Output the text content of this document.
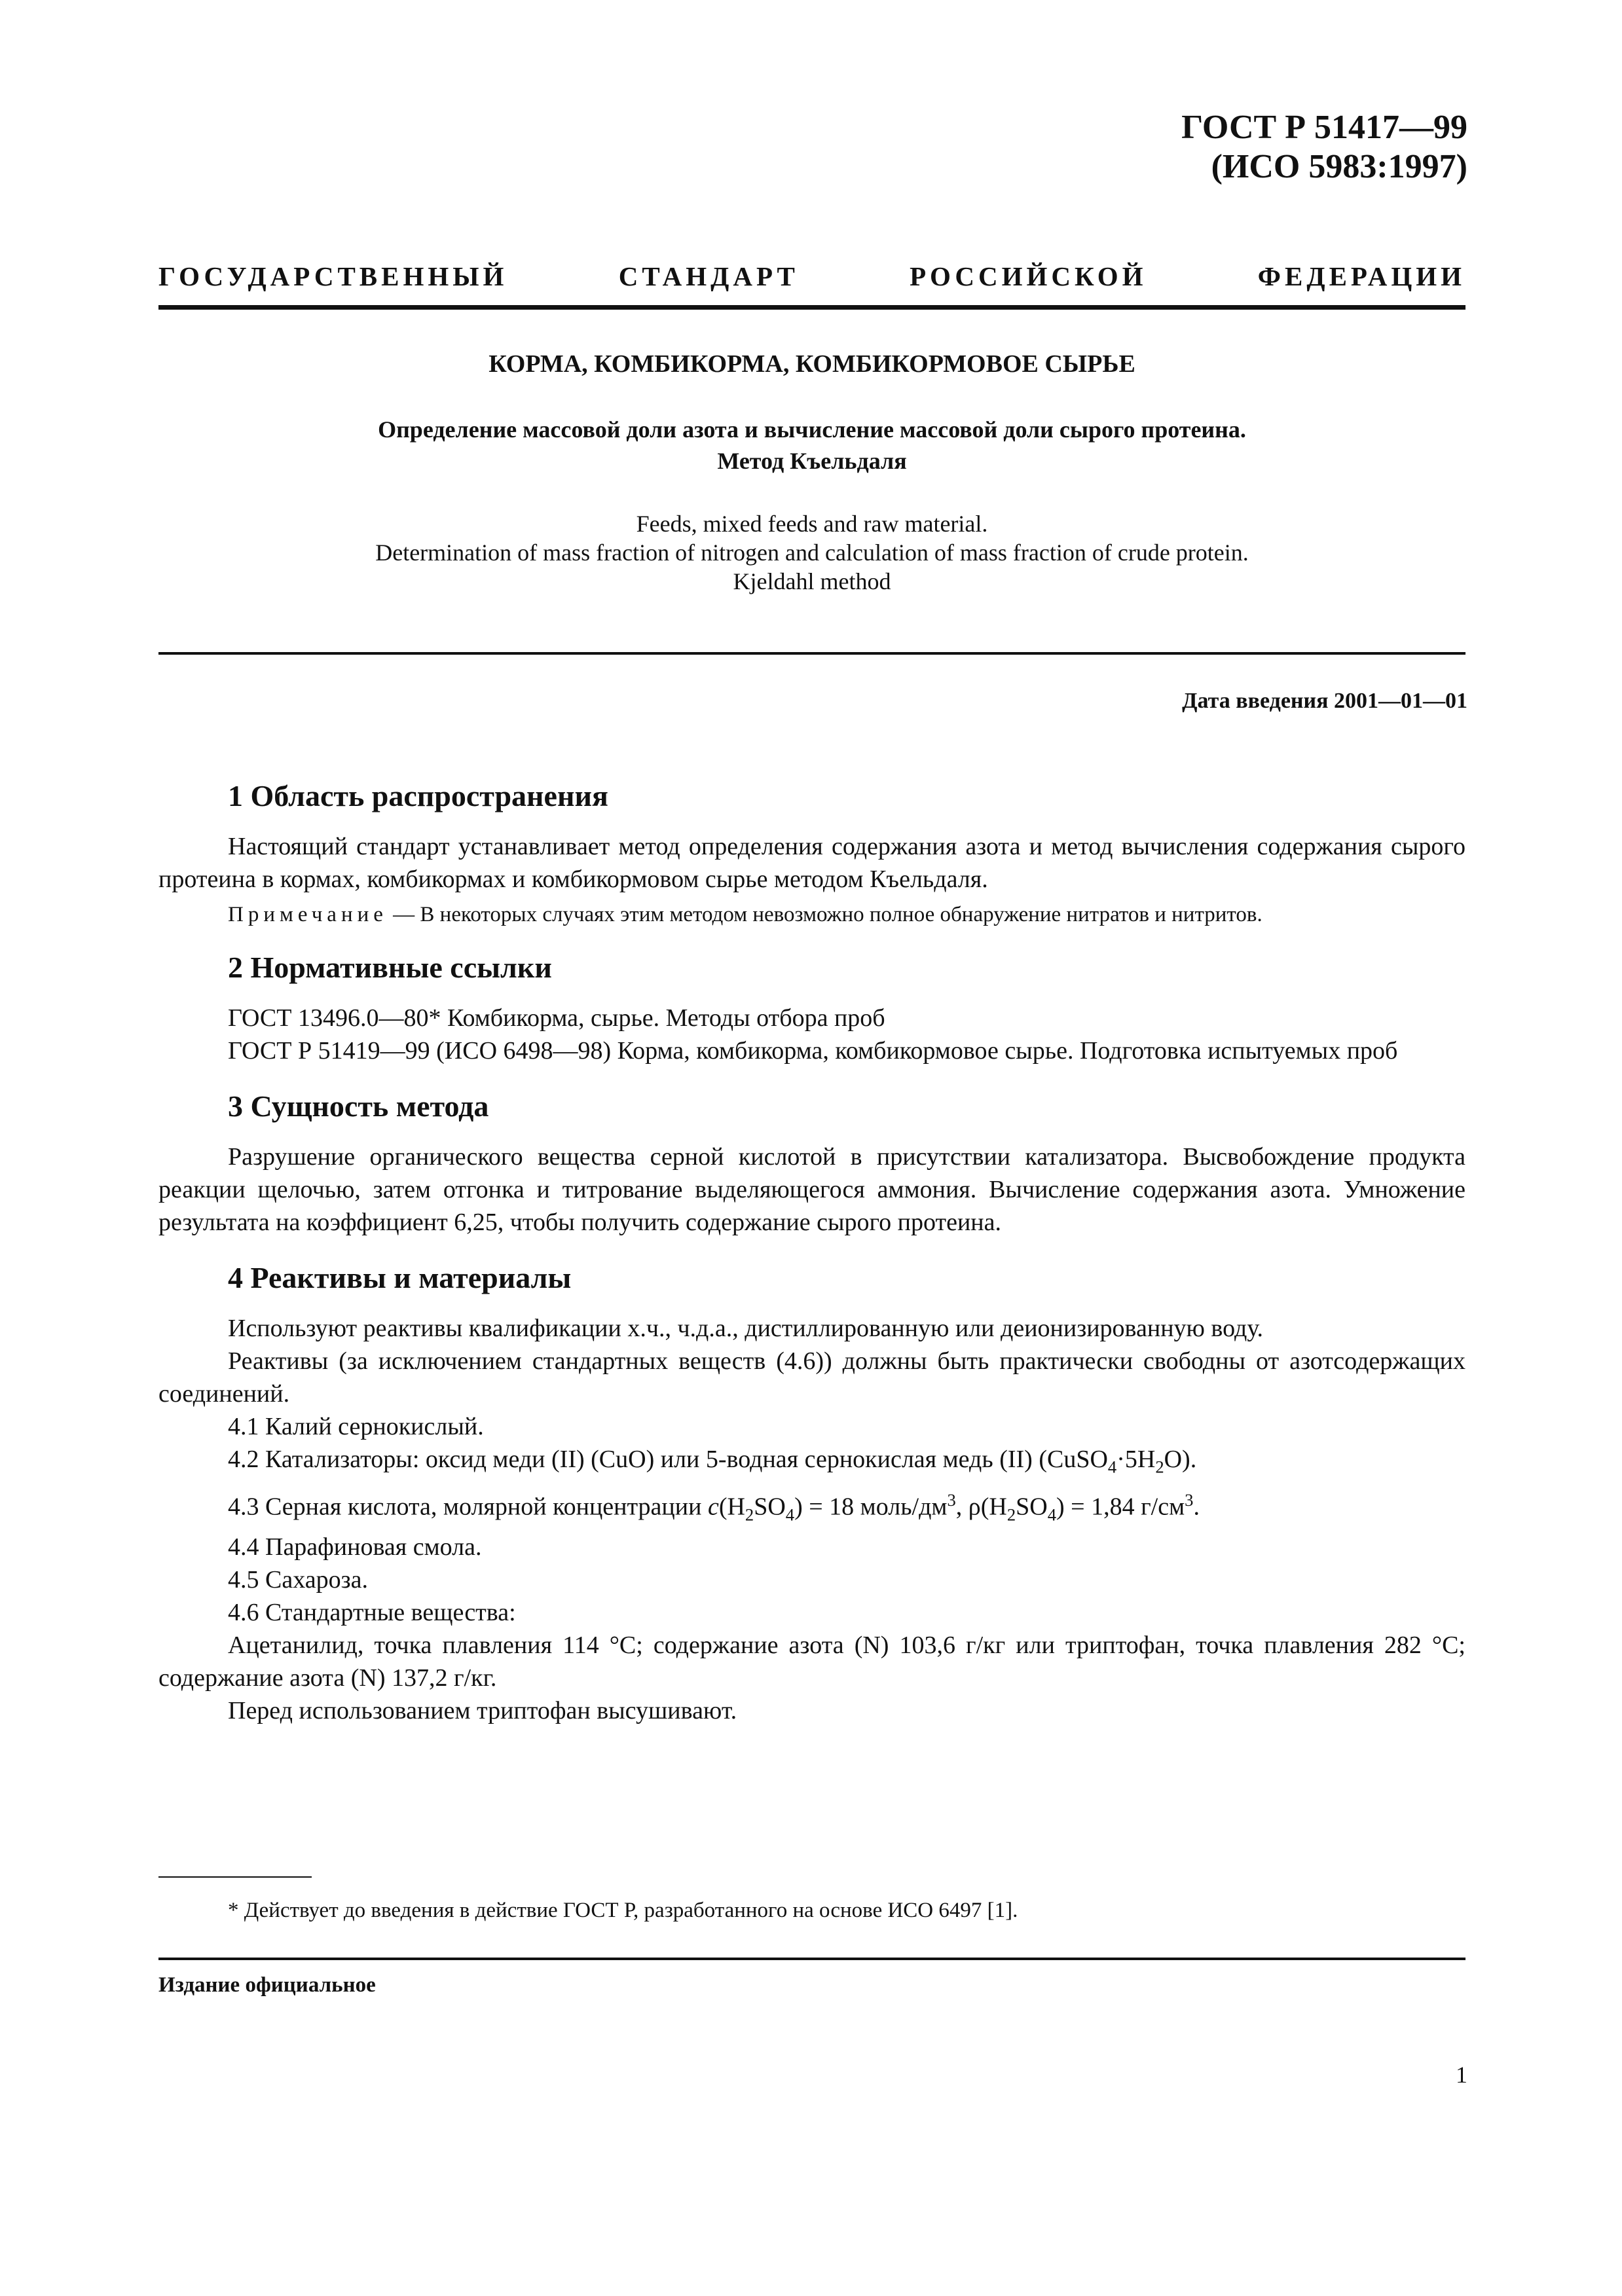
ГОСТ Р 51417—99
(ИСО 5983:1997)
ГОСУДАРСТВЕННЫЙ СТАНДАРТ РОССИЙСКОЙ ФЕДЕРАЦИИ
КОРМА, КОМБИКОРМА, КОМБИКОРМОВОЕ СЫРЬЕ
Определение массовой доли азота и вычисление массовой доли сырого протеина.
Метод Къельдаля
Feeds, mixed feeds and raw material.
Determination of mass fraction of nitrogen and calculation of mass fraction of crude protein.
Kjeldahl method
Дата введения 2001—01—01
1 Область распространения

Настоящий стандарт устанавливает метод определения содержания азота и метод вычисления содержания сырого протеина в кормах, комбикормах и комбикормовом сырье методом Къельдаля.

Примечание — В некоторых случаях этим методом невозможно полное обнаружение нитратов и нитритов.

2 Нормативные ссылки

ГОСТ 13496.0—80* Комбикорма, сырье. Методы отбора проб

ГОСТ Р 51419—99 (ИСО 6498—98) Корма, комбикорма, комбикормовое сырье. Подготовка испытуемых проб

3 Сущность метода

Разрушение органического вещества серной кислотой в присутствии катализатора. Высвобождение продукта реакции щелочью, затем отгонка и титрование выделяющегося аммония. Вычисление содержания азота. Умножение результата на коэффициент 6,25, чтобы получить содержание сырого протеина.

4 Реактивы и материалы

Используют реактивы квалификации х.ч., ч.д.а., дистиллированную или деионизированную воду.

Реактивы (за исключением стандартных веществ (4.6)) должны быть практически свободны от азотсодержащих соединений.

4.1 Калий сернокислый.

4.2 Катализаторы: оксид меди (II) (CuO) или 5-водная сернокислая медь (II) $(CuSO_4\cdot 5H_2O)$.

4.3 Серная кислота, молярной концентрации $c(H_2SO_4) = 18$ моль/$дм^3$, $\rho(H_2SO_4) = 1,84$ $г/см^3$.

4.4 Парафиновая смола.

4.5 Сахароза.

4.6 Стандартные вещества:

Ацетанилид, точка плавления 114 °С; содержание азота (N) 103,6 г/кг или триптофан, точка плавления 282 °С; содержание азота (N) 137,2 г/кг.

Перед использованием триптофан высушивают.

* Действует до введения в действие ГОСТ Р, разработанного на основе ИСО 6497 [1].
Издание официальное
1
